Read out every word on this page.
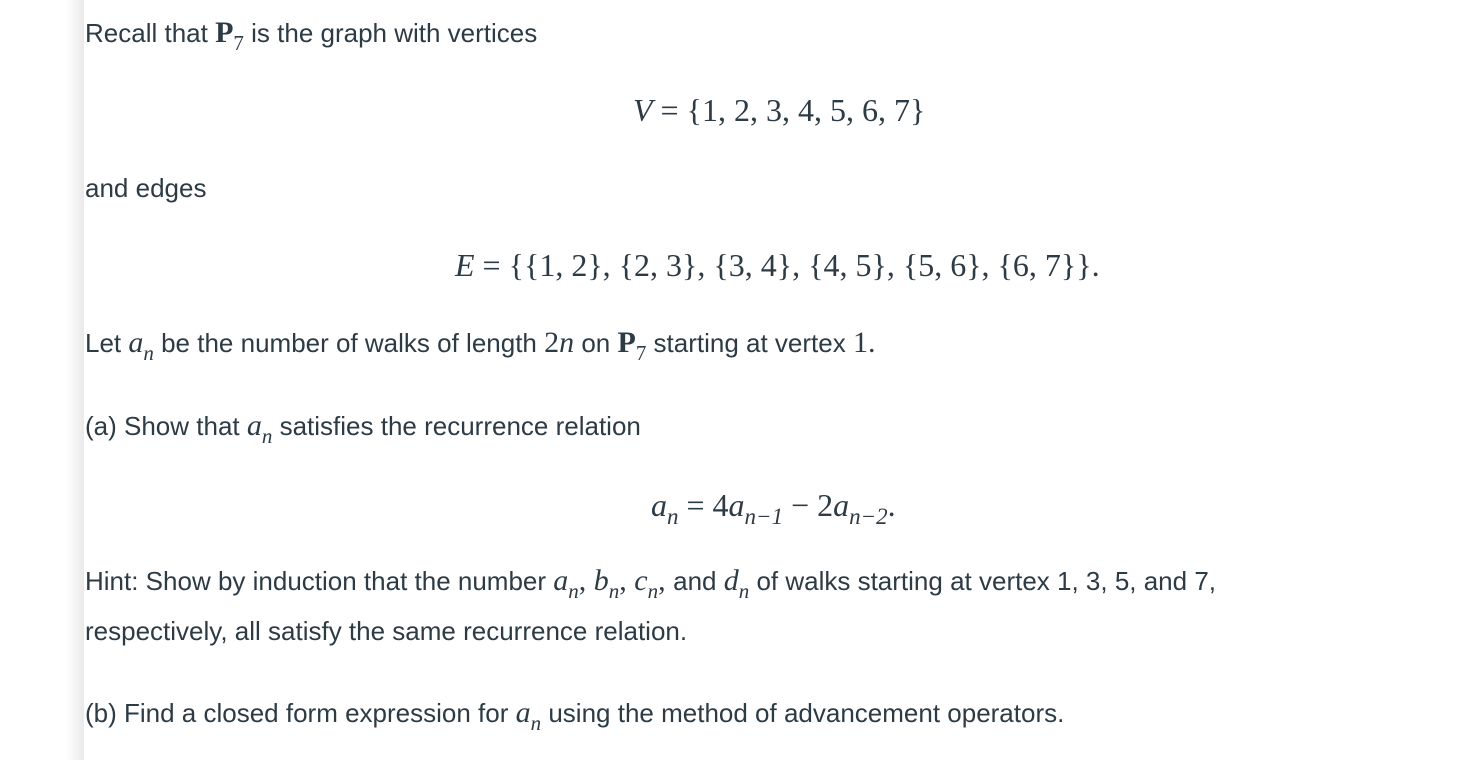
Recall that $P_7$ is the graph with vertices
V = {1, 2, 3, 4, 5, 6, 7}
and edges
E = {{1, 2}, {2, 3}, {3, 4}, {4, 5}, {5, 6}, {6, 7}}.
Let $a_n$ be the number of walks of length 2n on $P_7$ starting at vertex 1.
(a) Show that $a_n$ satisfies the recurrence relation
$a_n = 4a_{n-1} - 2a_{n-2}$.
Hint: Show by induction that the number $a_n$, $b_n$, $c_n$, and $d_n$ of walks starting at vertex 1, 3, 5, and 7,
respectively, all satisfy the same recurrence relation.
(b) Find a closed form expression for $a_n$ using the method of advancement operators.
